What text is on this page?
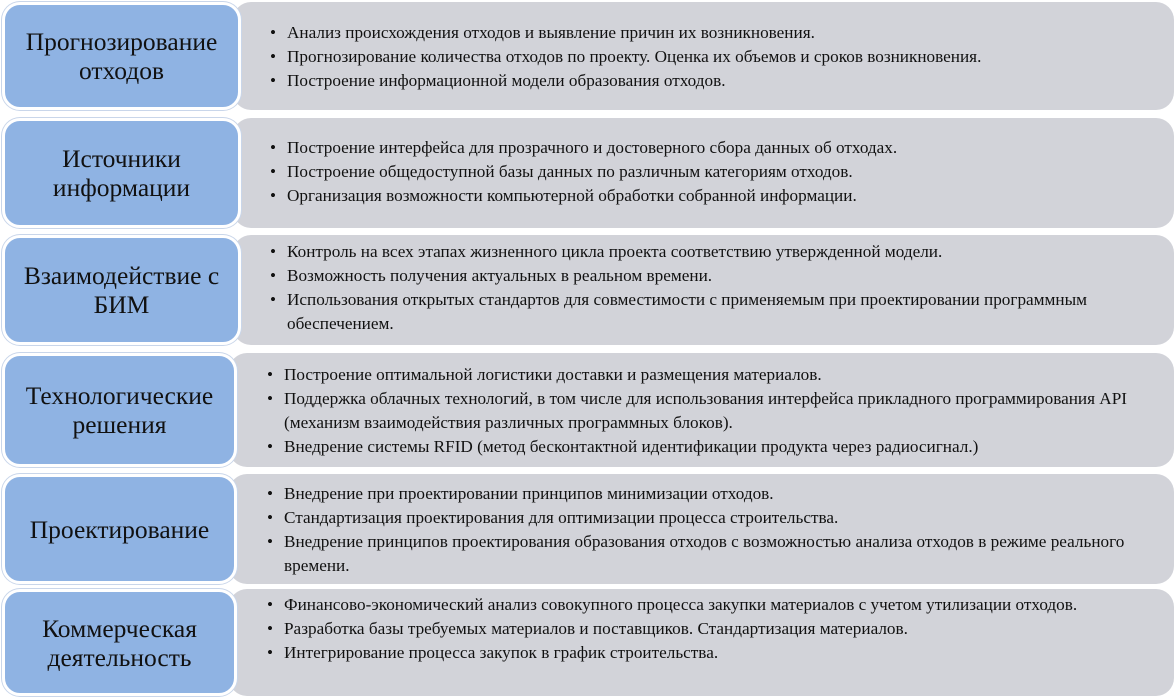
• Анализ происхождения отходов и выявление причин их возникновения.
• Прогнозирование количества отходов по проекту. Оценка их объемов и сроков возникновения.
• Построение информационной модели образования отходов.
Прогнозирование отходов
• Построение интерфейса для прозрачного и достоверного сбора данных об отходах.
• Построение общедоступной базы данных по различным категориям отходов.
• Организация возможности компьютерной обработки собранной информации.
Источники информации
• Контроль на всех этапах жизненного цикла проекта соответствию утвержденной модели.
• Возможность получения актуальных в реальном времени.
• Использования открытых стандартов для совместимости с применяемым при проектировании программным обеспечением.
Взаимодействие с БИМ
• Построение оптимальной логистики доставки и размещения материалов.
• Поддержка облачных технологий, в том числе для использования интерфейса прикладного программирования API (механизм взаимодействия различных программных блоков).
• Внедрение системы RFID (метод бесконтактной идентификации продукта через радиосигнал.)
Технологические решения
• Внедрение при проектировании принципов минимизации отходов.
• Стандартизация проектирования для оптимизации процесса строительства.
• Внедрение принципов проектирования образования отходов с возможностью анализа отходов в режиме реального времени.
Проектирование
• Финансово-экономический анализ совокупного процесса закупки материалов с учетом утилизации отходов.
• Разработка базы требуемых материалов и поставщиков. Стандартизация материалов.
• Интегрирование процесса закупок в график строительства.
Коммерческая деятельность
